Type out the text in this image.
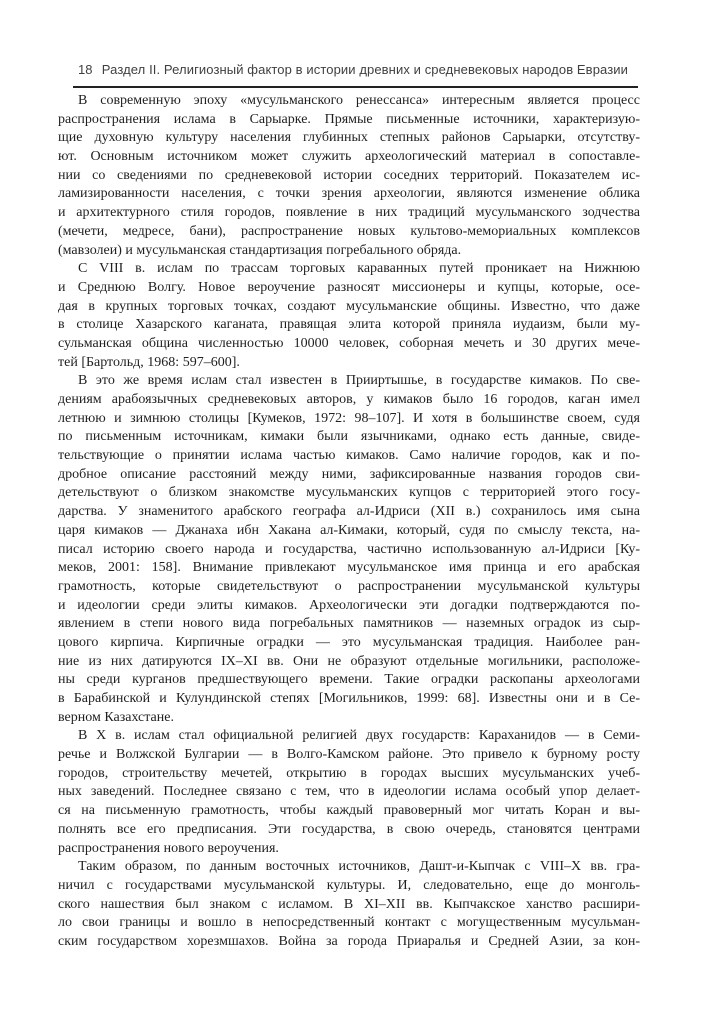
18 Раздел II. Религиозный фактор в истории древних и средневековых народов Евразии

В современную эпоху «мусульманского ренессанса» интересным является процесс
распространения ислама в Сарыарке. Прямые письменные источники, характеризую-
щие духовную культуру населения глубинных степных районов Сарыарки, отсутству-
ют. Основным источником может служить археологический материал в сопоставле-
нии со сведениями по средневековой истории соседних территорий. Показателем ис-
ламизированности населения, с точки зрения археологии, являются изменение облика
и архитектурного стиля городов, появление в них традиций мусульманского зодчества
(мечети, медресе, бани), распространение новых культово-мемориальных комплексов
(мавзолеи) и мусульманская стандартизация погребального обряда.

С VIII в. ислам по трассам торговых караванных путей проникает на Нижнюю
и Среднюю Волгу. Новое вероучение разносят миссионеры и купцы, которые, осе-
дая в крупных торговых точках, создают мусульманские общины. Известно, что даже
в столице Хазарского каганата, правящая элита которой приняла иудаизм, были му-
сульманская община численностью 10000 человек, соборная мечеть и 30 других мече-
тей [Бартольд, 1968: 597–600].

В это же время ислам стал известен в Прииртышье, в государстве кимаков. По све-
дениям арабоязычных средневековых авторов, у кимаков было 16 городов, каган имел
летнюю и зимнюю столицы [Кумеков, 1972: 98–107]. И хотя в большинстве своем, судя
по письменным источникам, кимаки были язычниками, однако есть данные, свиде-
тельствующие о принятии ислама частью кимаков. Само наличие городов, как и по-
дробное описание расстояний между ними, зафиксированные названия городов сви-
детельствуют о близком знакомстве мусульманских купцов с территорией этого госу-
дарства. У знаменитого арабского географа ал-Идриси (XII в.) сохранилось имя сына
царя кимаков — Джанаха ибн Хакана ал-Кимаки, который, судя по смыслу текста, на-
писал историю своего народа и государства, частично использованную ал-Идриси [Ку-
меков, 2001: 158]. Внимание привлекают мусульманское имя принца и его арабская
грамотность, которые свидетельствуют о распространении мусульманской культуры
и идеологии среди элиты кимаков. Археологически эти догадки подтверждаются по-
явлением в степи нового вида погребальных памятников — наземных оградок из сыр-
цового кирпича. Кирпичные оградки — это мусульманская традиция. Наиболее ран-
ние из них датируются IX–XI вв. Они не образуют отдельные могильники, расположе-
ны среди курганов предшествующего времени. Такие оградки раскопаны археологами
в Барабинской и Кулундинской степях [Могильников, 1999: 68]. Известны они и в Се-
верном Казахстане.

В X в. ислам стал официальной религией двух государств: Караханидов — в Семи-
речье и Волжской Булгарии — в Волго-Камском районе. Это привело к бурному росту
городов, строительству мечетей, открытию в городах высших мусульманских учеб-
ных заведений. Последнее связано с тем, что в идеологии ислама особый упор делает-
ся на письменную грамотность, чтобы каждый правоверный мог читать Коран и вы-
полнять все его предписания. Эти государства, в свою очередь, становятся центрами
распространения нового вероучения.

Таким образом, по данным восточных источников, Дашт-и-Кыпчак с VIII–X вв. гра-
ничил с государствами мусульманской культуры. И, следовательно, еще до монголь-
ского нашествия был знаком с исламом. В XI–XII вв. Кыпчакское ханство расшири-
ло свои границы и вошло в непосредственный контакт с могущественным мусульман-
ским государством хорезмшахов. Война за города Приаралья и Средней Азии, за кон-
